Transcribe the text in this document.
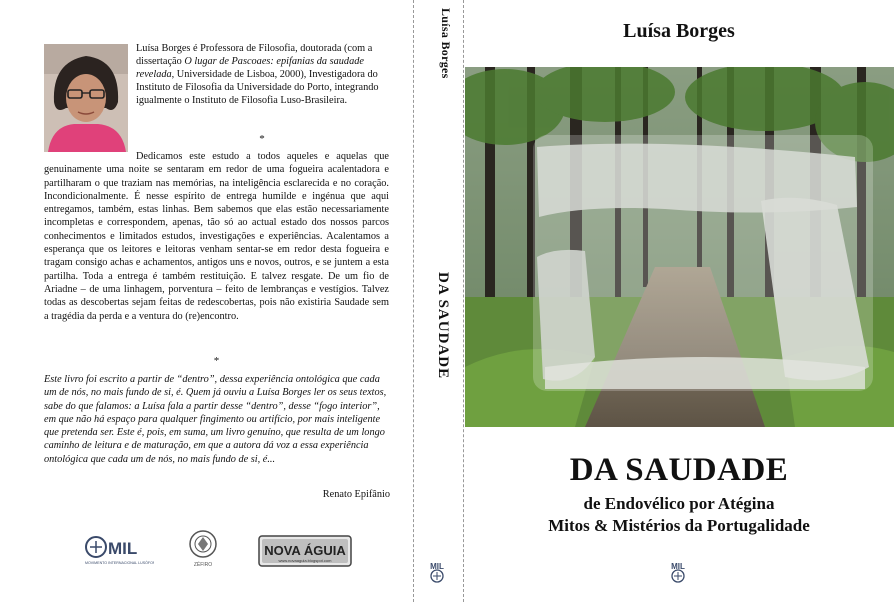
Luísa Borges é Professora de Filosofia, doutorada (com a dissertação O lugar de Pascoaes: epifanias da saudade revelada, Universidade de Lisboa, 2000), Investigadora do Instituto de Filosofia da Universidade do Porto, integrando igualmente o Instituto de Filosofia Luso-Brasileira.
*
Dedicamos este estudo a todos aqueles e aquelas que genuinamente uma noite se sentaram em redor de uma fogueira acalentadora e partilharam o que traziam nas memórias, na inteligência esclarecida e no coração. Incondicionalmente. É nesse espírito de entrega humilde e ingénua que aqui entregamos, também, estas linhas. Bem sabemos que elas estão necessariamente incompletas e correspondem, apenas, tão só ao actual estado dos nossos parcos conhecimentos e limitados estudos, investigações e experiências. Acalentamos a esperança que os leitores e leitoras venham sentar-se em redor desta fogueira e tragam consigo achas e achamentos, antigos uns e novos, outros, e se juntem a esta partilha. Toda a entrega é também restituição. E talvez resgate. De um fio de Ariadne – de uma linhagem, porventura – feito de lembranças e vestígios. Talvez todas as descobertas sejam feitas de redescobertas, pois não existiria Saudade sem a tragédia da perda e a ventura do (re)encontro.
*
Este livro foi escrito a partir de “dentro”, dessa experiência ontológica que cada um de nós, no mais fundo de si, é. Quem já ouviu a Luísa Borges ler os seus textos, sabe do que falamos: a Luísa fala a partir desse “dentro”, desse “fogo interior”, em que não há espaço para qualquer fingimento ou artifício, por mais inteligente que pretenda ser. Este é, pois, em suma, um livro genuíno, que resulta de um longo caminho de leitura e de maturação, em que a autora dá voz a essa experiência ontológica que cada um de nós, no mais fundo de si, é...
Renato Epifânio
MIL
MOVIMENTO INTERNACIONAL LUSÓFONO	ZÉFIRO
NOVA ÁGUIA
www.novaaguia.blogspot.com
Luísa Borges
DA SAUDADE
MIL
Luísa Borges
DA SAUDADE
de Endovélico por Atégina
Mitos & Mistérios da Portugalidade
MIL
